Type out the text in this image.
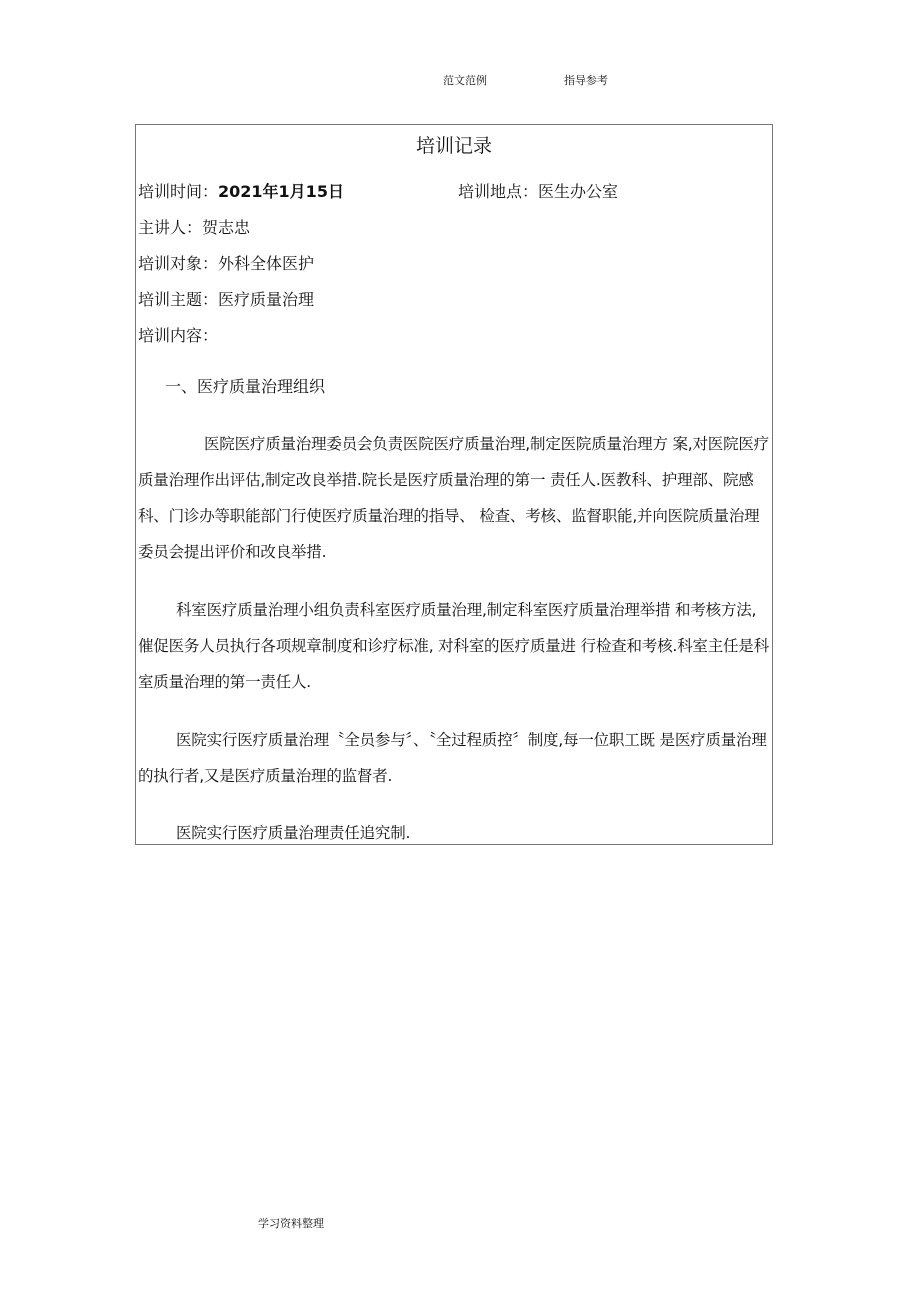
范文范例	指导参考
培训记录
培训时间：2021年1月15日	培训地点：医生办公室
主讲人：贺志忠
培训对象：外科全体医护
培训主题：医疗质量治理
培训内容：
一、医疗质量治理组织
医院医疗质量治理委员会负责医院医疗质量治理,制定医院质量治理方 案,对医院医疗质量治理作出评估,制定改良举措.院长是医疗质量治理的第一 责任人.医教科、护理部、院感科、门诊办等职能部门行使医疗质量治理的指导、 检查、考核、监督职能,并向医院质量治理委员会提出评价和改良举措.
科室医疗质量治理小组负责科室医疗质量治理,制定科室医疗质量治理举措 和考核方法,催促医务人员执行各项规章制度和诊疗标准, 对科室的医疗质量进 行检查和考核.科室主任是科室质量治理的第一责任人.
医院实行医疗质量治理〝全员参与〞、〝全过程质控〞制度,每一位职工既 是医疗质量治理的执行者,又是医疗质量治理的监督者.
医院实行医疗质量治理责任追究制.
学习资料整理
